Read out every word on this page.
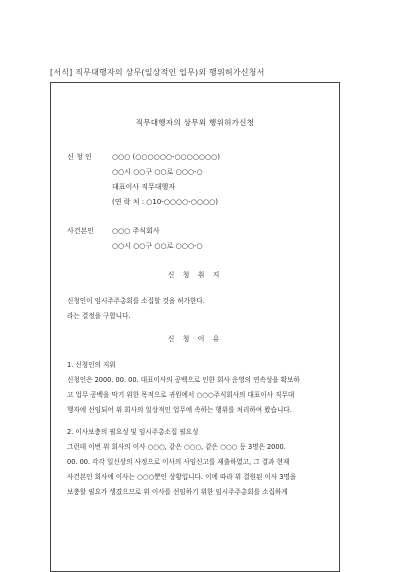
[서식] 직무대행자의 상무(일상적인 업무)외 행위허가신청서
직무대행자의 상무외 행위허가신청
신 청 인	○○○ (○○○○○○-○○○○○○○)
○○시 ○○구 ○○로 ○○○-○
대표이사 직무대행자
(연 락 처 : ○10-○○○○-○○○○)
사건본인	○○○ 주식회사
○○시 ○○구 ○○로 ○○○-○
신 청 취 지

신청인이 임시주주총회를 소집할 것을 허가한다.

라는 결정을 구합니다.

신 청 이 유

1. 신청인의 지위

신청인은 2000. 00. 00. 대표이사의 공백으로 인한 회사 운영의 연속성을 확보하

고 업무 공백을 막기 위한 목적으로 귀원에서 ○○○주식회사의 대표이사 직무대

행자에 선임되어 위 회사의 일상적인 업무에 속하는 행위를 처리하여 왔습니다.

2. 이사보충의 필요성 및 임시주총소집 필요성

그런데 이번 위 회사의 이사 ○○○, 같은 ○○○, 같은 ○○○ 등 3명은 2000.

00. 00. 각각 일신상의 사정으로 이사의 사임신고를 제출하였고, 그 결과 현재

사건본인 회사에 이사는 ○○○뿐인 상황입니다. 이에 따라 위 결원된 이사 3명을

보충할 필요가 생겼으므로 위 이사를 선임하기 위한 임시주주총회를 소집하게
